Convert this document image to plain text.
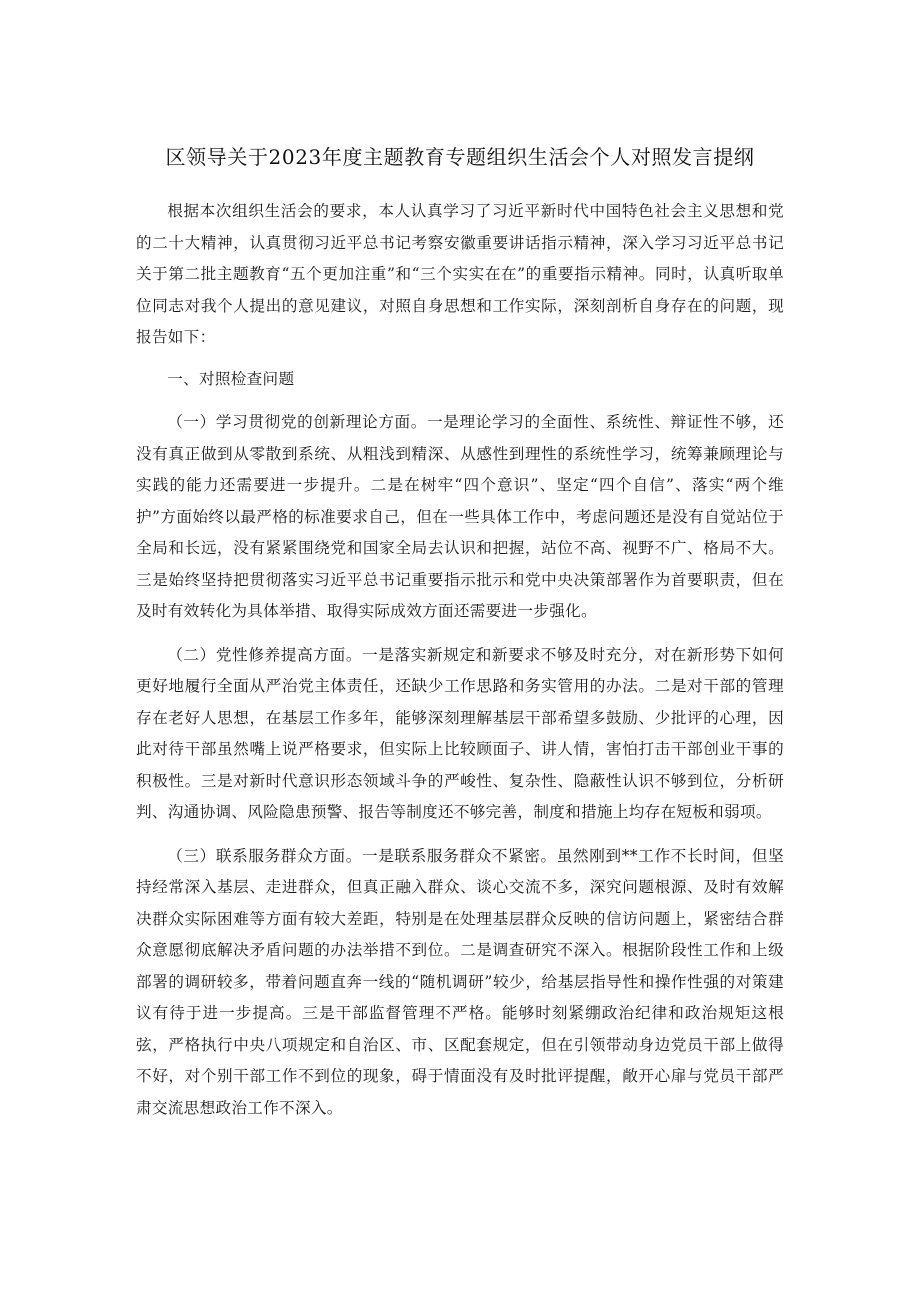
区领导关于2023年度主题教育专题组织生活会个人对照发言提纲

根据本次组织生活会的要求，本人认真学习了习近平新时代中国特色社会主义思想和党的二十大精神，认真贯彻习近平总书记考察安徽重要讲话指示精神，深入学习习近平总书记关于第二批主题教育“五个更加注重”和“三个实实在在”的重要指示精神。同时，认真听取单位同志对我个人提出的意见建议，对照自身思想和工作实际，深刻剖析自身存在的问题，现报告如下：

一、对照检查问题

（一）学习贯彻党的创新理论方面。一是理论学习的全面性、系统性、辩证性不够，还没有真正做到从零散到系统、从粗浅到精深、从感性到理性的系统性学习，统筹兼顾理论与实践的能力还需要进一步提升。二是在树牢“四个意识”、坚定“四个自信”、落实“两个维护”方面始终以最严格的标准要求自己，但在一些具体工作中，考虑问题还是没有自觉站位于全局和长远，没有紧紧围绕党和国家全局去认识和把握，站位不高、视野不广、格局不大。三是始终坚持把贯彻落实习近平总书记重要指示批示和党中央决策部署作为首要职责，但在及时有效转化为具体举措、取得实际成效方面还需要进一步强化。

（二）党性修养提高方面。一是落实新规定和新要求不够及时充分，对在新形势下如何更好地履行全面从严治党主体责任，还缺少工作思路和务实管用的办法。二是对干部的管理存在老好人思想，在基层工作多年，能够深刻理解基层干部希望多鼓励、少批评的心理，因此对待干部虽然嘴上说严格要求，但实际上比较顾面子、讲人情，害怕打击干部创业干事的积极性。三是对新时代意识形态领域斗争的严峻性、复杂性、隐蔽性认识不够到位，分析研判、沟通协调、风险隐患预警、报告等制度还不够完善，制度和措施上均存在短板和弱项。

（三）联系服务群众方面。一是联系服务群众不紧密。虽然刚到**工作不长时间，但坚持经常深入基层、走进群众，但真正融入群众、谈心交流不多，深究问题根源、及时有效解决群众实际困难等方面有较大差距，特别是在处理基层群众反映的信访问题上，紧密结合群众意愿彻底解决矛盾问题的办法举措不到位。二是调查研究不深入。根据阶段性工作和上级部署的调研较多，带着问题直奔一线的“随机调研”较少，给基层指导性和操作性强的对策建议有待于进一步提高。三是干部监督管理不严格。能够时刻紧绷政治纪律和政治规矩这根弦，严格执行中央八项规定和自治区、市、区配套规定，但在引领带动身边党员干部上做得不好，对个别干部工作不到位的现象，碍于情面没有及时批评提醒，敞开心扉与党员干部严肃交流思想政治工作不深入。
